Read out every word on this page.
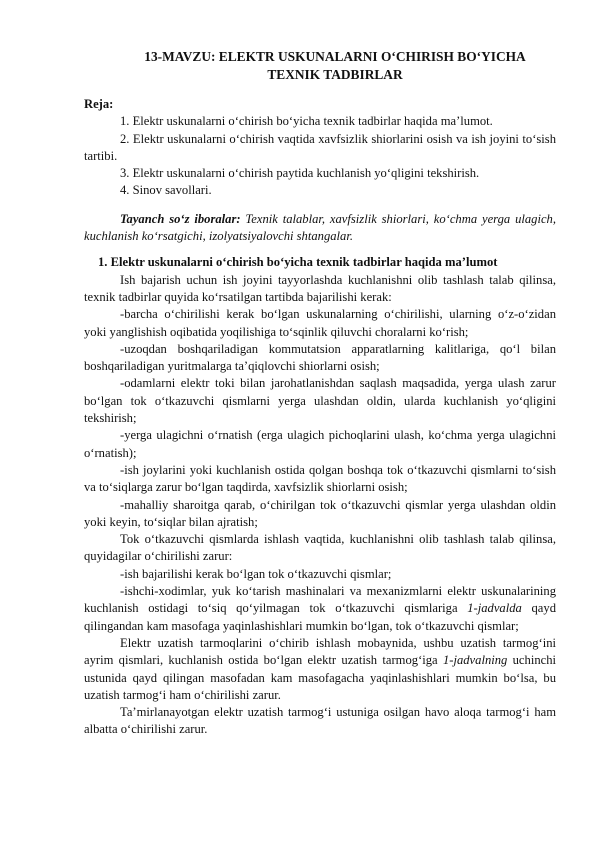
13-MAVZU: ELEKTR USKUNALARNI O‘CHIRISH BO‘YICHA
TEXNIK TADBIRLAR
Reja:

1. Elektr uskunalarni o‘chirish bo‘yicha texnik tadbirlar haqida ma’lumot.

2. Elektr uskunalarni o‘chirish vaqtida xavfsizlik shiorlarini osish va ish joyini to‘sish tartibi.

3. Elektr uskunalarni o‘chirish paytida kuchlanish yo‘qligini tekshirish.

4. Sinov savollari.

Tayanch so‘z iboralar: Texnik talablar, xavfsizlik shiorlari, ko‘chma yerga ulagich, kuchlanish ko‘rsatgichi, izolyatsiyalovchi shtangalar.

1. Elektr uskunalarni o‘chirish bo‘yicha texnik tadbirlar haqida ma’lumot

Ish bajarish uchun ish joyini tayyorlashda kuchlanishni olib tashlash talab qilinsa, texnik tadbirlar quyida ko‘rsatilgan tartibda bajarilishi kerak:

-barcha o‘chirilishi kerak bo‘lgan uskunalarning o‘chirilishi, ularning o‘z-o‘zidan yoki yanglishish oqibatida yoqilishiga to‘sqinlik qiluvchi choralarni ko‘rish;

-uzoqdan boshqariladigan kommutatsion apparatlarning kalitlariga, qo‘l bilan boshqariladigan yuritmalarga ta’qiqlovchi shiorlarni osish;

-odamlarni elektr toki bilan jarohatlanishdan saqlash maqsadida, yerga ulash zarur bo‘lgan tok o‘tkazuvchi qismlarni yerga ulashdan oldin, ularda kuchlanish yo‘qligini tekshirish;

-yerga ulagichni o‘rnatish (erga ulagich pichoqlarini ulash, ko‘chma yerga ulagichni o‘rnatish);

-ish joylarini yoki kuchlanish ostida qolgan boshqa tok o‘tkazuvchi qismlarni to‘sish va to‘siqlarga zarur bo‘lgan taqdirda, xavfsizlik shiorlarni osish;

-mahalliy sharoitga qarab, o‘chirilgan tok o‘tkazuvchi qismlar yerga ulashdan oldin yoki keyin, to‘siqlar bilan ajratish;

Tok o‘tkazuvchi qismlarda ishlash vaqtida, kuchlanishni olib tashlash talab qilinsa, quyidagilar o‘chirilishi zarur:

-ish bajarilishi kerak bo‘lgan tok o‘tkazuvchi qismlar;

-ishchi-xodimlar, yuk ko‘tarish mashinalari va mexanizmlarni elektr uskunalarining kuchlanish ostidagi to‘siq qo‘yilmagan tok o‘tkazuvchi qismlariga 1-jadvalda qayd qilingandan kam masofaga yaqinlashishlari mumkin bo‘lgan, tok o‘tkazuvchi qismlar;

Elektr uzatish tarmoqlarini o‘chirib ishlash mobaynida, ushbu uzatish tarmog‘ini ayrim qismlari, kuchlanish ostida bo‘lgan elektr uzatish tarmog‘iga 1-jadvalning uchinchi ustunida qayd qilingan masofadan kam masofagacha yaqinlashishlari mumkin bo‘lsa, bu uzatish tarmog‘i ham o‘chirilishi zarur.

Ta’mirlanayotgan elektr uzatish tarmog‘i ustuniga osilgan havo aloqa tarmog‘i ham albatta o‘chirilishi zarur.
